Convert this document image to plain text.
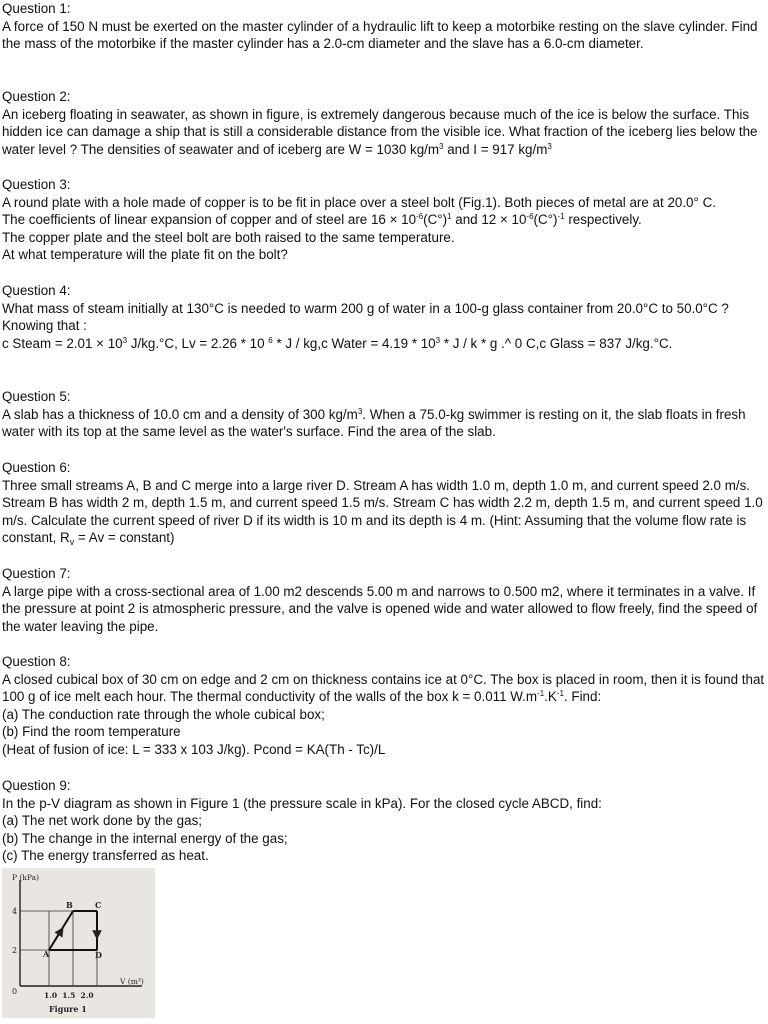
Question 1:

A force of 150 N must be exerted on the master cylinder of a hydraulic lift to keep a motorbike resting on the slave cylinder. Find the mass of the motorbike if the master cylinder has a 2.0-cm diameter and the slave has a 6.0-cm diameter.

Question 2:

An iceberg floating in seawater, as shown in figure, is extremely dangerous because much of the ice is below the surface. This hidden ice can damage a ship that is still a considerable distance from the visible ice. What fraction of the iceberg lies below the water level ? The densities of seawater and of iceberg are W = 1030 $kg/m^3$ and I = 917 $kg/m^3$

Question 3:

A round plate with a hole made of copper is to be fit in place over a steel bolt (Fig.1). Both pieces of metal are at 20.0° C.

The coefficients of linear expansion of copper and of steel are $16 \times 10^{-6}(C^\circ)^1$ and $12 \times 10^{-6}(C^\circ)^{-1}$ respectively.

The copper plate and the steel bolt are both raised to the same temperature.

At what temperature will the plate fit on the bolt?

Question 4:

What mass of steam initially at 130°C is needed to warm 200 g of water in a 100-g glass container from 20.0°C to 50.0°C ?

Knowing that :

c Steam = $2.01 \times 10^3$ J/kg.°C, Lv = 2.26 * 10 $^6$ * J / kg,c Water = $4.19 * 10^3$ * J / k * g .^ 0 C,c Glass = 837 J/kg.°C.

Question 5:

A slab has a thickness of 10.0 cm and a density of 300 $kg/m^3$. When a 75.0-kg swimmer is resting on it, the slab floats in fresh water with its top at the same level as the water's surface. Find the area of the slab.

Question 6:

Three small streams A, B and C merge into a large river D. Stream A has width 1.0 m, depth 1.0 m, and current speed 2.0 m/s. Stream B has width 2 m, depth 1.5 m, and current speed 1.5 m/s. Stream C has width 2.2 m, depth 1.5 m, and current speed 1.0 m/s. Calculate the current speed of river D if its width is 10 m and its depth is 4 m. (Hint: Assuming that the volume flow rate is constant, $R_v = Av$ = constant)

Question 7:

A large pipe with a cross-sectional area of 1.00 m2 descends 5.00 m and narrows to 0.500 m2, where it terminates in a valve. If the pressure at point 2 is atmospheric pressure, and the valve is opened wide and water allowed to flow freely, find the speed of the water leaving the pipe.

Question 8:

A closed cubical box of 30 cm on edge and 2 cm on thickness contains ice at 0°C. The box is placed in room, then it is found that 100 g of ice melt each hour. The thermal conductivity of the walls of the box k = 0.011 $W.m^{-1}.K^{-1}$. Find:

(a) The conduction rate through the whole cubical box;

(b) Find the room temperature

(Heat of fusion of ice: L = 333 x 103 J/kg). Pcond = KA(Th - Tc)/L

Question 9:

In the p-V diagram as shown in Figure 1 (the pressure scale in kPa). For the closed cycle ABCD, find:

(a) The net work done by the gas;

(b) The change in the internal energy of the gas;

(c) The energy transferred as heat.

P (kPa)
V (m³)
4
2
0	1.0  1.5  2.0
A
B	C
D
Figure 1
